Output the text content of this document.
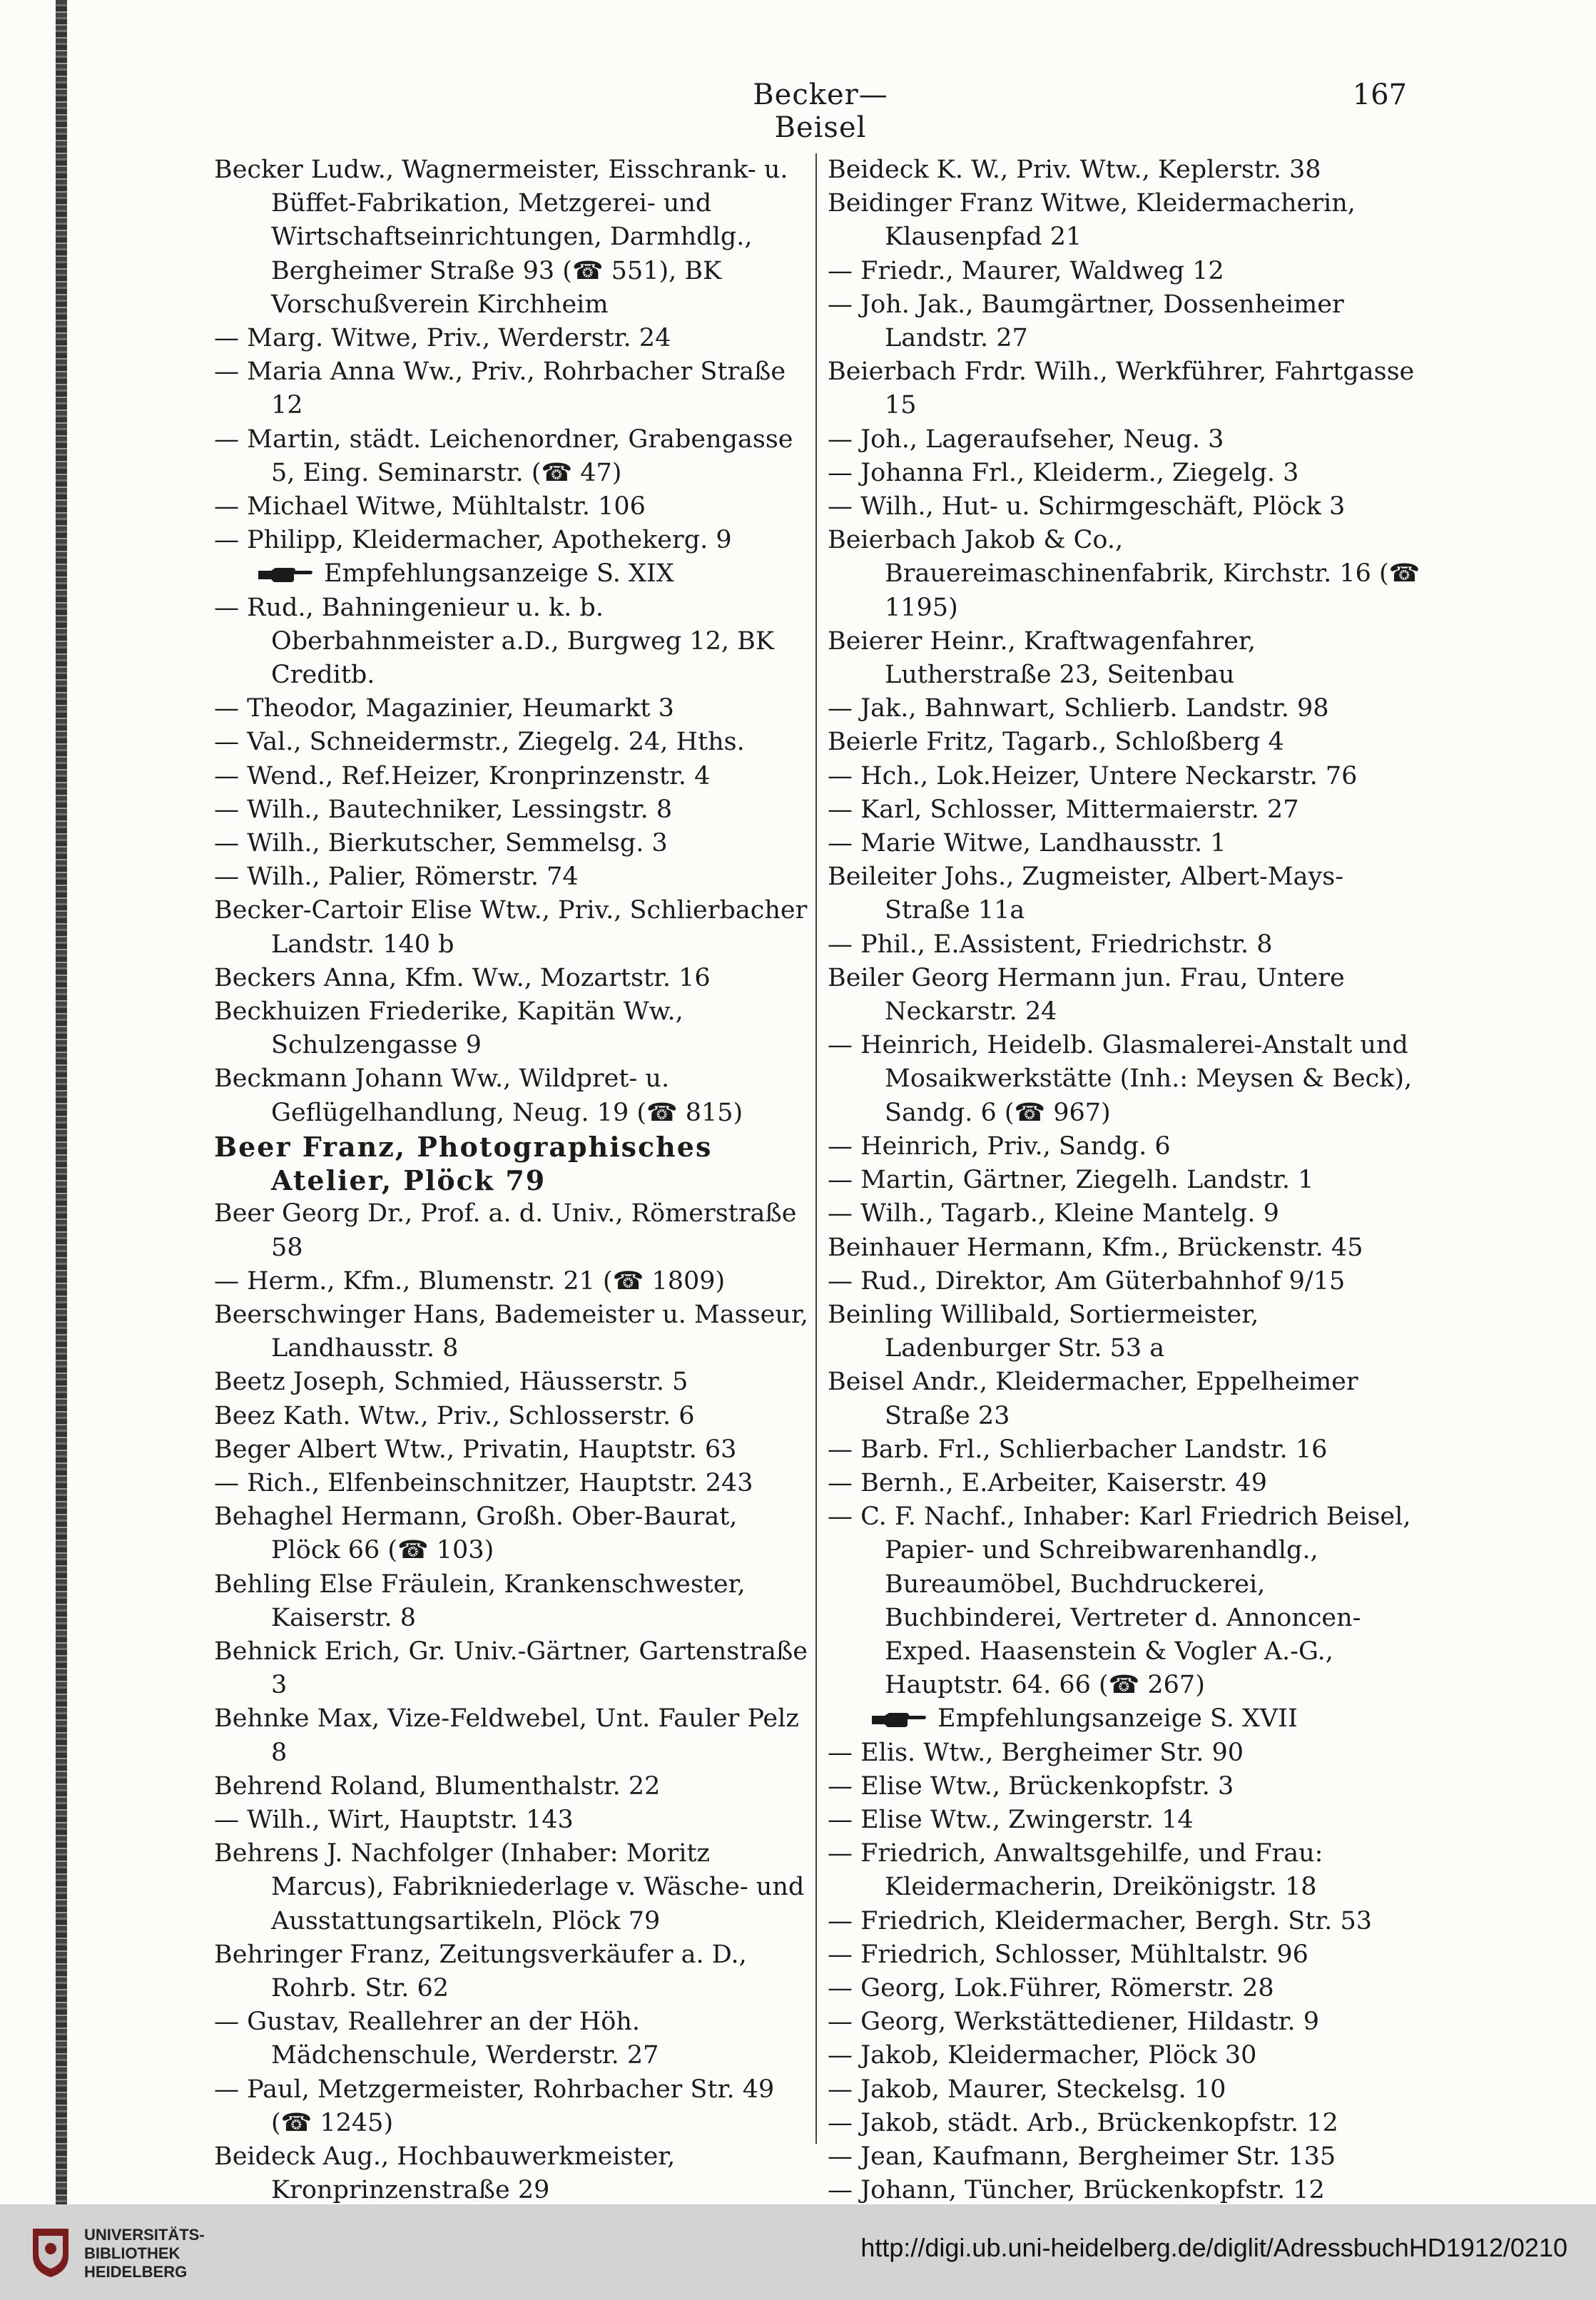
Becker—Beisel
167
Becker Ludw., Wagnermeister, Eisschrank- u. Büffet-Fabrikation, Metzgerei- und Wirtschaftseinrichtungen, Darmhdlg., Bergheimer Straße 93 (☎ 551), BK Vorschußverein Kirchheim
— Marg. Witwe, Priv., Werderstr. 24
— Maria Anna Ww., Priv., Rohrbacher Straße 12
— Martin, städt. Leichenordner, Grabengasse 5, Eing. Seminarstr. (☎ 47)
— Michael Witwe, Mühltalstr. 106
— Philipp, Kleidermacher, Apothekerg. 9
Empfehlungsanzeige S. XIX
— Rud., Bahningenieur u. k. b. Oberbahnmeister a.D., Burgweg 12, BK Creditb.
— Theodor, Magazinier, Heumarkt 3
— Val., Schneidermstr., Ziegelg. 24, Hths.
— Wend., Ref.Heizer, Kronprinzenstr. 4
— Wilh., Bautechniker, Lessingstr. 8
— Wilh., Bierkutscher, Semmelsg. 3
— Wilh., Palier, Römerstr. 74
Becker-Cartoir Elise Wtw., Priv., Schlierbacher Landstr. 140 b
Beckers Anna, Kfm. Ww., Mozartstr. 16
Beckhuizen Friederike, Kapitän Ww., Schulzengasse 9
Beckmann Johann Ww., Wildpret- u. Geflügelhandlung, Neug. 19 (☎ 815)
Beer Franz, Photographisches Atelier, Plöck 79
Beer Georg Dr., Prof. a. d. Univ., Römerstraße 58
— Herm., Kfm., Blumenstr. 21 (☎ 1809)
Beerschwinger Hans, Bademeister u. Masseur, Landhausstr. 8
Beetz Joseph, Schmied, Häusserstr. 5
Beez Kath. Wtw., Priv., Schlosserstr. 6
Beger Albert Wtw., Privatin, Hauptstr. 63
— Rich., Elfenbeinschnitzer, Hauptstr. 243
Behaghel Hermann, Großh. Ober-Baurat, Plöck 66 (☎ 103)
Behling Else Fräulein, Krankenschwester, Kaiserstr. 8
Behnick Erich, Gr. Univ.-Gärtner, Gartenstraße 3
Behnke Max, Vize-Feldwebel, Unt. Fauler Pelz 8
Behrend Roland, Blumenthalstr. 22
— Wilh., Wirt, Hauptstr. 143
Behrens J. Nachfolger (Inhaber: Moritz Marcus), Fabrikniederlage v. Wäsche- und Ausstattungsartikeln, Plöck 79
Behringer Franz, Zeitungsverkäufer a. D., Rohrb. Str. 62
— Gustav, Reallehrer an der Höh. Mädchenschule, Werderstr. 27
— Paul, Metzgermeister, Rohrbacher Str. 49 (☎ 1245)
Beideck Aug., Hochbauwerkmeister, Kronprinzenstraße 29
Beideck K. W., Priv. Wtw., Keplerstr. 38
Beidinger Franz Witwe, Kleidermacherin, Klausenpfad 21
— Friedr., Maurer, Waldweg 12
— Joh. Jak., Baumgärtner, Dossenheimer Landstr. 27
Beierbach Frdr. Wilh., Werkführer, Fahrtgasse 15
— Joh., Lageraufseher, Neug. 3
— Johanna Frl., Kleiderm., Ziegelg. 3
— Wilh., Hut- u. Schirmgeschäft, Plöck 3
Beierbach Jakob & Co., Brauereimaschinenfabrik, Kirchstr. 16 (☎ 1195)
Beierer Heinr., Kraftwagenfahrer, Lutherstraße 23, Seitenbau
— Jak., Bahnwart, Schlierb. Landstr. 98
Beierle Fritz, Tagarb., Schloßberg 4
— Hch., Lok.Heizer, Untere Neckarstr. 76
— Karl, Schlosser, Mittermaierstr. 27
— Marie Witwe, Landhausstr. 1
Beileiter Johs., Zugmeister, Albert-Mays-Straße 11a
— Phil., E.Assistent, Friedrichstr. 8
Beiler Georg Hermann jun. Frau, Untere Neckarstr. 24
— Heinrich, Heidelb. Glasmalerei-Anstalt und Mosaikwerkstätte (Inh.: Meysen & Beck), Sandg. 6 (☎ 967)
— Heinrich, Priv., Sandg. 6
— Martin, Gärtner, Ziegelh. Landstr. 1
— Wilh., Tagarb., Kleine Mantelg. 9
Beinhauer Hermann, Kfm., Brückenstr. 45
— Rud., Direktor, Am Güterbahnhof 9/15
Beinling Willibald, Sortiermeister, Ladenburger Str. 53 a
Beisel Andr., Kleidermacher, Eppelheimer Straße 23
— Barb. Frl., Schlierbacher Landstr. 16
— Bernh., E.Arbeiter, Kaiserstr. 49
— C. F. Nachf., Inhaber: Karl Friedrich Beisel, Papier- und Schreibwarenhandlg., Bureaumöbel, Buchdruckerei, Buchbinderei, Vertreter d. Annoncen-Exped. Haasenstein & Vogler A.-G., Hauptstr. 64. 66 (☎ 267)
Empfehlungsanzeige S. XVII
— Elis. Wtw., Bergheimer Str. 90
— Elise Wtw., Brückenkopfstr. 3
— Elise Wtw., Zwingerstr. 14
— Friedrich, Anwaltsgehilfe, und Frau: Kleidermacherin, Dreikönigstr. 18
— Friedrich, Kleidermacher, Bergh. Str. 53
— Friedrich, Schlosser, Mühltalstr. 96
— Georg, Lok.Führer, Römerstr. 28
— Georg, Werkstättediener, Hildastr. 9
— Jakob, Kleidermacher, Plöck 30
— Jakob, Maurer, Steckelsg. 10
— Jakob, städt. Arb., Brückenkopfstr. 12
— Jean, Kaufmann, Bergheimer Str. 135
— Johann, Tüncher, Brückenkopfstr. 12
UNIVERSITÄTS-
BIBLIOTHEK
HEIDELBERG
http://digi.ub.uni-heidelberg.de/diglit/AdressbuchHD1912/0210
